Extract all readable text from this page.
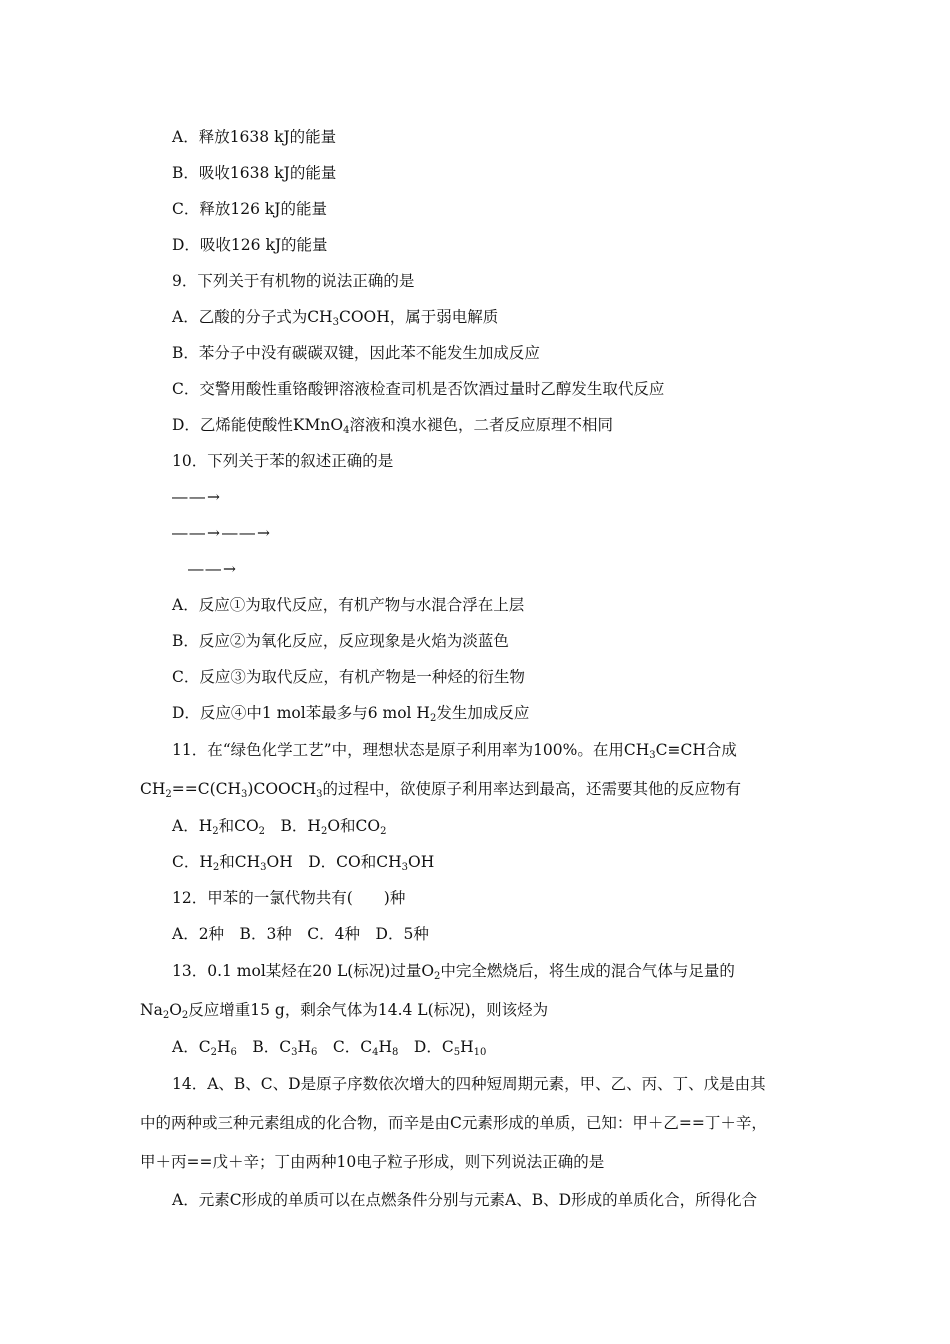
A．释放1638 kJ的能量
B．吸收1638 kJ的能量
C．释放126 kJ的能量
D．吸收126 kJ的能量
9．下列关于有机物的说法正确的是
A．乙酸的分子式为$CH_3COOH$，属于弱电解质
B．苯分子中没有碳碳双键，因此苯不能发生加成反应
C．交警用酸性重铬酸钾溶液检查司机是否饮酒过量时乙醇发生取代反应
D．乙烯能使酸性KMnO$_4$溶液和溴水褪色，二者反应原理不相同
10．下列关于苯的叙述正确的是
――→
――→――→
――→
A．反应①为取代反应，有机产物与水混合浮在上层
B．反应②为氧化反应，反应现象是火焰为淡蓝色
C．反应③为取代反应，有机产物是一种烃的衍生物
D．反应④中1 mol苯最多与6 mol $H_2$发生加成反应
11．在“绿色化学工艺”中，理想状态是原子利用率为100%。在用$CH_3C\equiv CH$合成
$CH_2==C(CH_3)COOCH_3$的过程中，欲使原子利用率达到最高，还需要其他的反应物有
A．$H_2$和$CO_2$　B．$H_2O$和$CO_2$
C．$H_2$和$CH_3OH$　D．CO和$CH_3OH$
12．甲苯的一氯代物共有(　　)种
A．2种　B．3种　C．4种　D．5种
13．0.1 mol某烃在20 L(标况)过量$O_2$中完全燃烧后，将生成的混合气体与足量的
$Na_2O_2$反应增重15 g，剩余气体为14.4 L(标况)，则该烃为
A．$C_2H_6$　B．$C_3H_6$　C．$C_4H_8$　D．$C_5H_{10}$
14．A、B、C、D是原子序数依次增大的四种短周期元素，甲、乙、丙、丁、戊是由其
中的两种或三种元素组成的化合物，而辛是由C元素形成的单质，已知：甲＋乙==丁＋辛，
甲＋丙==戊＋辛；丁由两种10电子粒子形成，则下列说法正确的是
A．元素C形成的单质可以在点燃条件分别与元素A、B、D形成的单质化合，所得化合
